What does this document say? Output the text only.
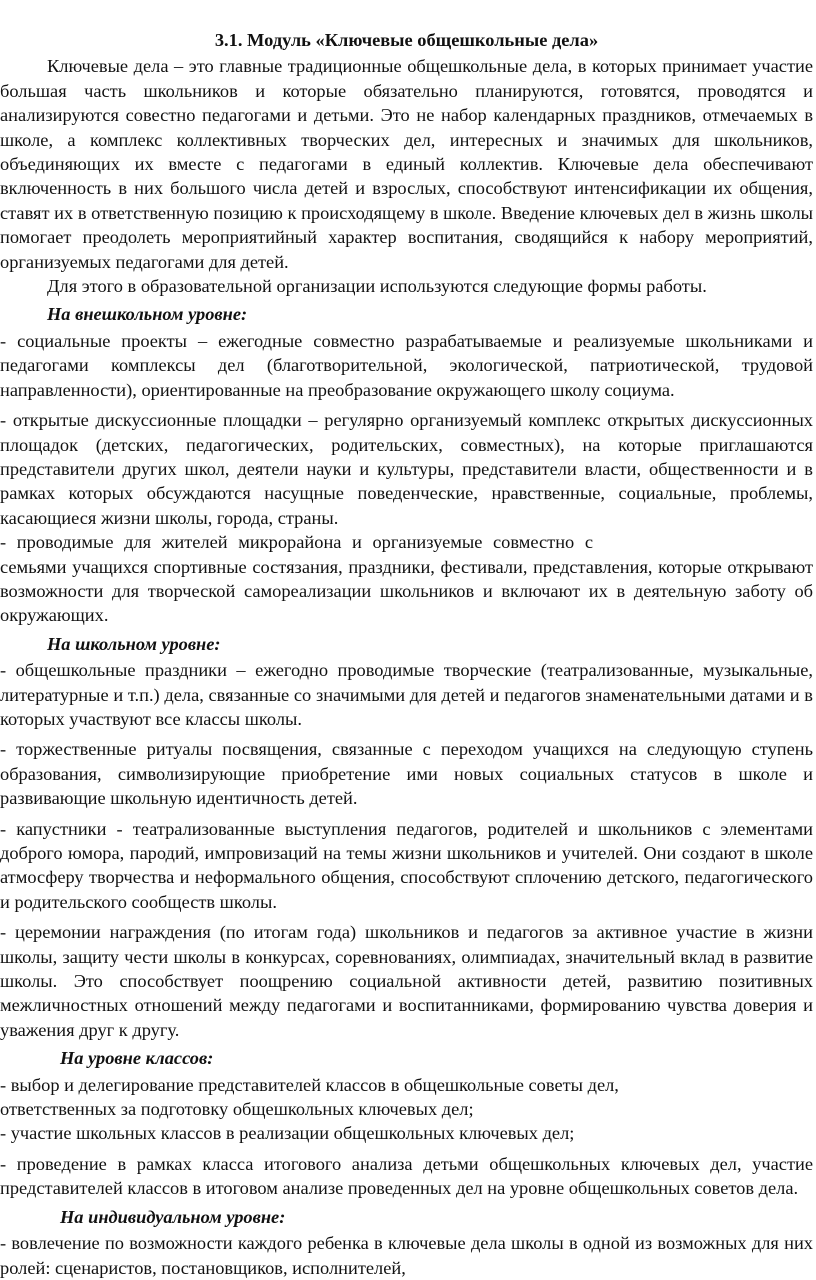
3.1. Модуль «Ключевые общешкольные дела»

Ключевые дела – это главные традиционные общешкольные дела, в которых принимает участие большая часть школьников и которые обязательно планируются, готовятся, проводятся и анализируются совестно педагогами и детьми. Это не набор календарных праздников, отмечаемых в школе, а комплекс коллективных творческих дел, интересных и значимых для школьников, объединяющих их вместе с педагогами в единый коллектив. Ключевые дела обеспечивают включенность в них большого числа детей и взрослых, способствуют интенсификации их общения, ставят их в ответственную позицию к происходящему в школе. Введение ключевых дел в жизнь школы помогает преодолеть мероприятийный характер воспитания, сводящийся к набору мероприятий, организуемых педагогами для детей.

Для этого в образовательной организации используются следующие формы работы.

На внешкольном уровне:

- социальные проекты – ежегодные совместно разрабатываемые и реализуемые школьниками и педагогами комплексы дел (благотворительной, экологической, патриотической, трудовой направленности), ориентированные на преобразование окружающего школу социума.

- открытые дискуссионные площадки – регулярно организуемый комплекс открытых дискуссионных площадок (детских, педагогических, родительских, совместных), на которые приглашаются представители других школ, деятели науки и культуры, представители власти, общественности и в рамках которых обсуждаются насущные поведенческие, нравственные, социальные, проблемы, касающиеся жизни школы, города, страны.

- проводимые для жителей микрорайона и организуемые совместно с

семьями учащихся спортивные состязания, праздники, фестивали, представления, которые открывают возможности для творческой самореализации школьников и включают их в деятельную заботу об окружающих.

На школьном уровне:

- общешкольные праздники – ежегодно проводимые творческие (театрализованные, музыкальные, литературные и т.п.) дела, связанные со значимыми для детей и педагогов знаменательными датами и в которых участвуют все классы школы.

- торжественные ритуалы посвящения, связанные с переходом учащихся на следующую ступень образования, символизирующие приобретение ими новых социальных статусов в школе и развивающие школьную идентичность детей.

- капустники - театрализованные выступления педагогов, родителей и школьников с элементами доброго юмора, пародий, импровизаций на темы жизни школьников и учителей. Они создают в школе атмосферу творчества и неформального общения, способствуют сплочению детского, педагогического и родительского сообществ школы.

- церемонии награждения (по итогам года) школьников и педагогов за активное участие в жизни школы, защиту чести школы в конкурсах, соревнованиях, олимпиадах, значительный вклад в развитие школы. Это способствует поощрению социальной активности детей, развитию позитивных межличностных отношений между педагогами и воспитанниками, формированию чувства доверия и уважения друг к другу.

На уровне классов:

- выбор и делегирование представителей классов в общешкольные советы дел,

ответственных за подготовку общешкольных ключевых дел;

- участие школьных классов в реализации общешкольных ключевых дел;

- проведение в рамках класса итогового анализа детьми общешкольных ключевых дел, участие представителей классов в итоговом анализе проведенных дел на уровне общешкольных советов дела.

На индивидуальном уровне:

- вовлечение по возможности каждого ребенка в ключевые дела школы в одной из возможных для них ролей: сценаристов, постановщиков, исполнителей,
